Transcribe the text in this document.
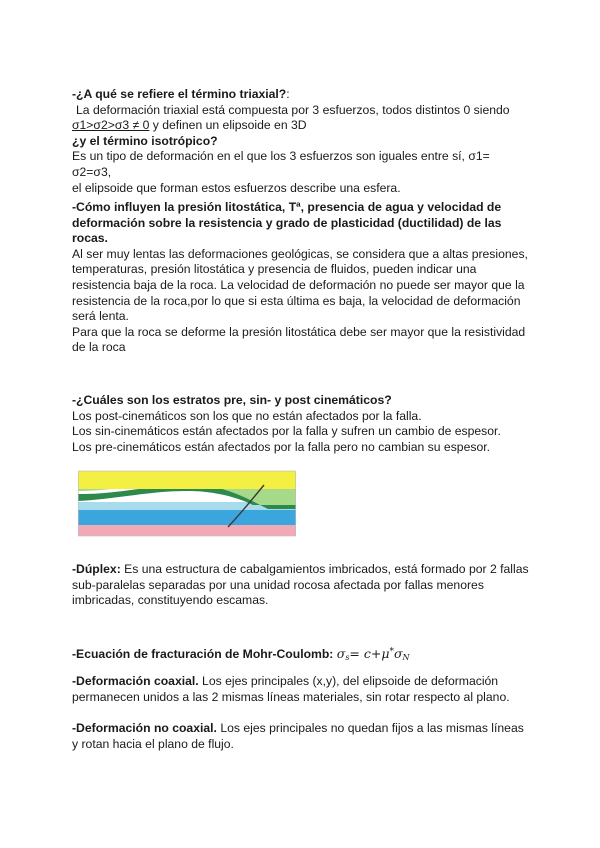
-¿A qué se refiere el término triaxial?:

La deformación triaxial está compuesta por 3 esfuerzos, todos distintos 0 siendo

σ1>σ2>σ3 ≠ 0 y definen un elipsoide en 3D

¿y el término isotrópico?

Es un tipo de deformación en el que los 3 esfuerzos son iguales entre sí, σ1= σ2=σ3,

el elipsoide que forman estos esfuerzos describe una esfera.

-Cómo influyen la presión litostática, Tª, presencia de agua y velocidad de

deformación sobre la resistencia y grado de plasticidad (ductilidad) de las

rocas.

Al ser muy lentas las deformaciones geológicas, se considera que a altas presiones,

temperaturas, presión litostática y presencia de fluidos, pueden indicar una

resistencia baja de la roca. La velocidad de deformación no puede ser mayor que la

resistencia de la roca,por lo que si esta última es baja, la velocidad de deformación

será lenta.

Para que la roca se deforme la presión litostática debe ser mayor que la resistividad

de la roca

-¿Cuáles son los estratos pre, sin- y post cinemáticos?

Los post-cinemáticos son los que no están afectados por la falla.

Los sin-cinemáticos están afectados por la falla y sufren un cambio de espesor.

Los pre-cinemáticos están afectados por la falla pero no cambian su espesor.

-Dúplex: Es una estructura de cabalgamientos imbricados, está formado por 2 fallas

sub-paralelas separadas por una unidad rocosa afectada por fallas menores

imbricadas, constituyendo escamas.

-Ecuación de fracturación de Mohr-Coulomb: $\sigma_s= c+\mu^*\sigma_N$

-Deformación coaxial. Los ejes principales (x,y), del elipsoide de deformación

permanecen unidos a las 2 mismas líneas materiales, sin rotar respecto al plano.

-Deformación no coaxial. Los ejes principales no quedan fijos a las mismas líneas

y rotan hacia el plano de flujo.
